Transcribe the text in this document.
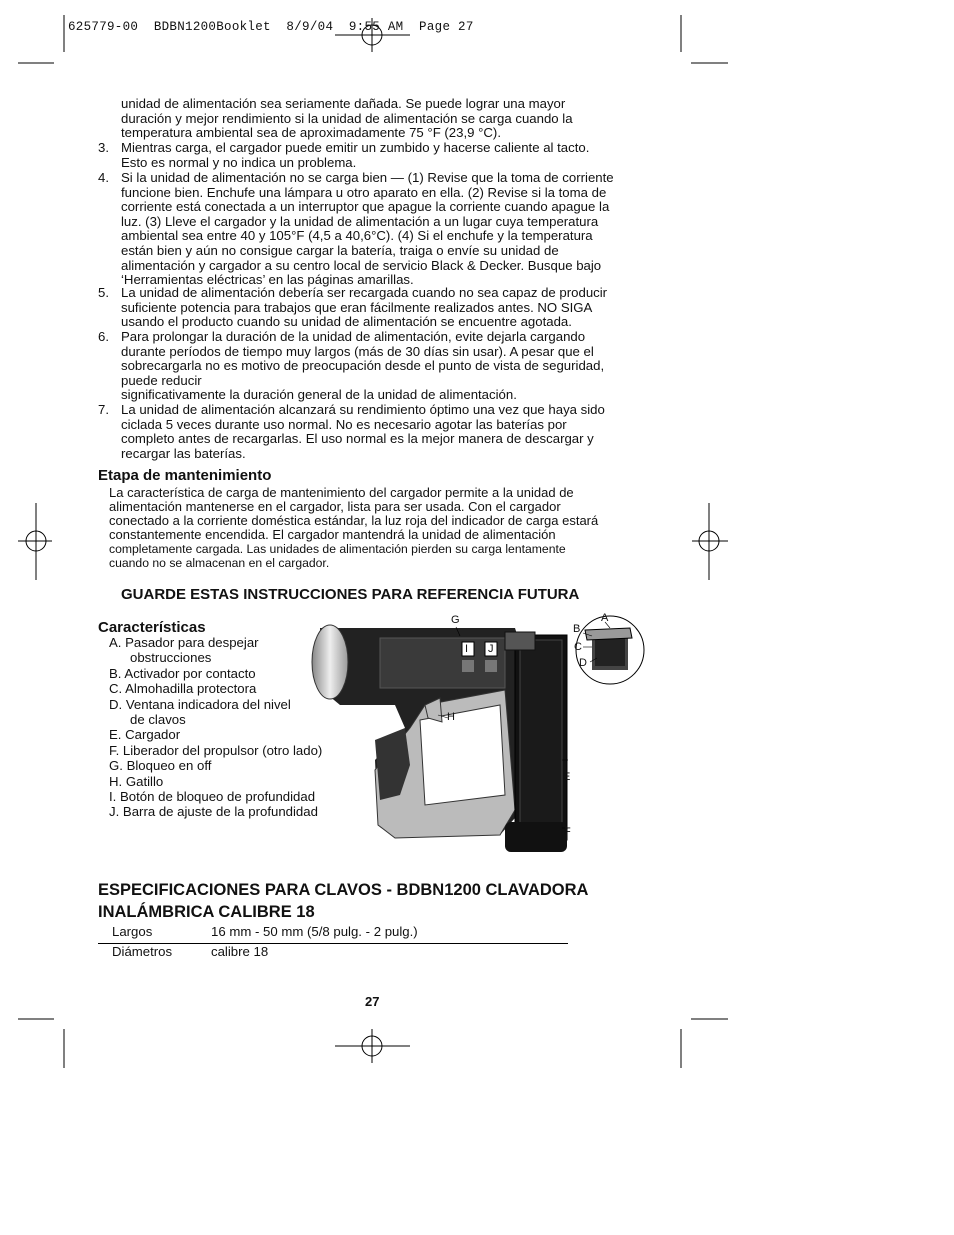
625779-00  BDBN1200Booklet  8/9/04  9:55 AM  Page 27
unidad de alimentación sea seriamente dañada. Se puede lograr una mayor
duración y mejor rendimiento si la unidad de alimentación se carga cuando la
temperatura ambiental sea de aproximadamente 75 °F (23,9 °C).
3. Mientras carga, el cargador puede emitir un zumbido y hacerse caliente al tacto.
Esto es normal y no indica un problema.
4. Si la unidad de alimentación no se carga bien — (1) Revise que la toma de corriente
funcione bien. Enchufe una lámpara u otro aparato en ella. (2) Revise si la toma de
corriente está conectada a un interruptor que apague la corriente cuando apague la
luz. (3) Lleve el cargador y la unidad de alimentación a un lugar cuya temperatura
ambiental sea entre 40 y 105°F (4,5 a 40,6°C). (4) Si el enchufe y la temperatura
están bien y aún no consigue cargar la batería, traiga o envíe su unidad de
alimentación y cargador a su centro local de servicio Black & Decker. Busque bajo
‘Herramientas eléctricas’ en las páginas amarillas.
5. La unidad de alimentación debería ser recargada cuando no sea capaz de producir
suficiente potencia para trabajos que eran fácilmente realizados antes. NO SIGA
usando el producto cuando su unidad de alimentación se encuentre agotada.
6. Para prolongar la duración de la unidad de alimentación, evite dejarla cargando
durante períodos de tiempo muy largos (más de 30 días sin usar). A pesar que el
sobrecargarla no es motivo de preocupación desde el punto de vista de seguridad,
puede reducir
significativamente la duración general de la unidad de alimentación.
7. La unidad de alimentación alcanzará su rendimiento óptimo una vez que haya sido
ciclada 5 veces durante uso normal. No es necesario agotar las baterías por
completo antes de recargarlas. El uso normal es la mejor manera de descargar y
recargar las baterías.
Etapa de mantenimiento
La característica de carga de mantenimiento del cargador permite a la unidad de
alimentación mantenerse en el cargador, lista para ser usada. Con el cargador
conectado a la corriente doméstica estándar, la luz roja del indicador de carga estará
constantemente encendida. El cargador mantendrá la unidad de alimentación
completamente cargada. Las unidades de alimentación pierden su carga lentamente
cuando no se almacenan en el cargador.
GUARDE ESTAS INSTRUCCIONES PARA REFERENCIA FUTURA
Características
A. Pasador para despejar
obstrucciones
B. Activador por contacto
C. Almohadilla protectora
D. Ventana indicadora del nivel
de clavos
E. Cargador
F. Liberador del propulsor (otro lado)
G. Bloqueo en off
H. Gatillo
I. Botón de bloqueo de profundidad
J. Barra de ajuste de la profundidad
A
B
C
D
E
F
G
H
I J
ESPECIFICACIONES PARA CLAVOS - BDBN1200 CLAVADORA
INALÁMBRICA CALIBRE 18
Largos	16 mm - 50 mm (5/8 pulg. - 2 pulg.)
Diámetros	calibre 18
27
